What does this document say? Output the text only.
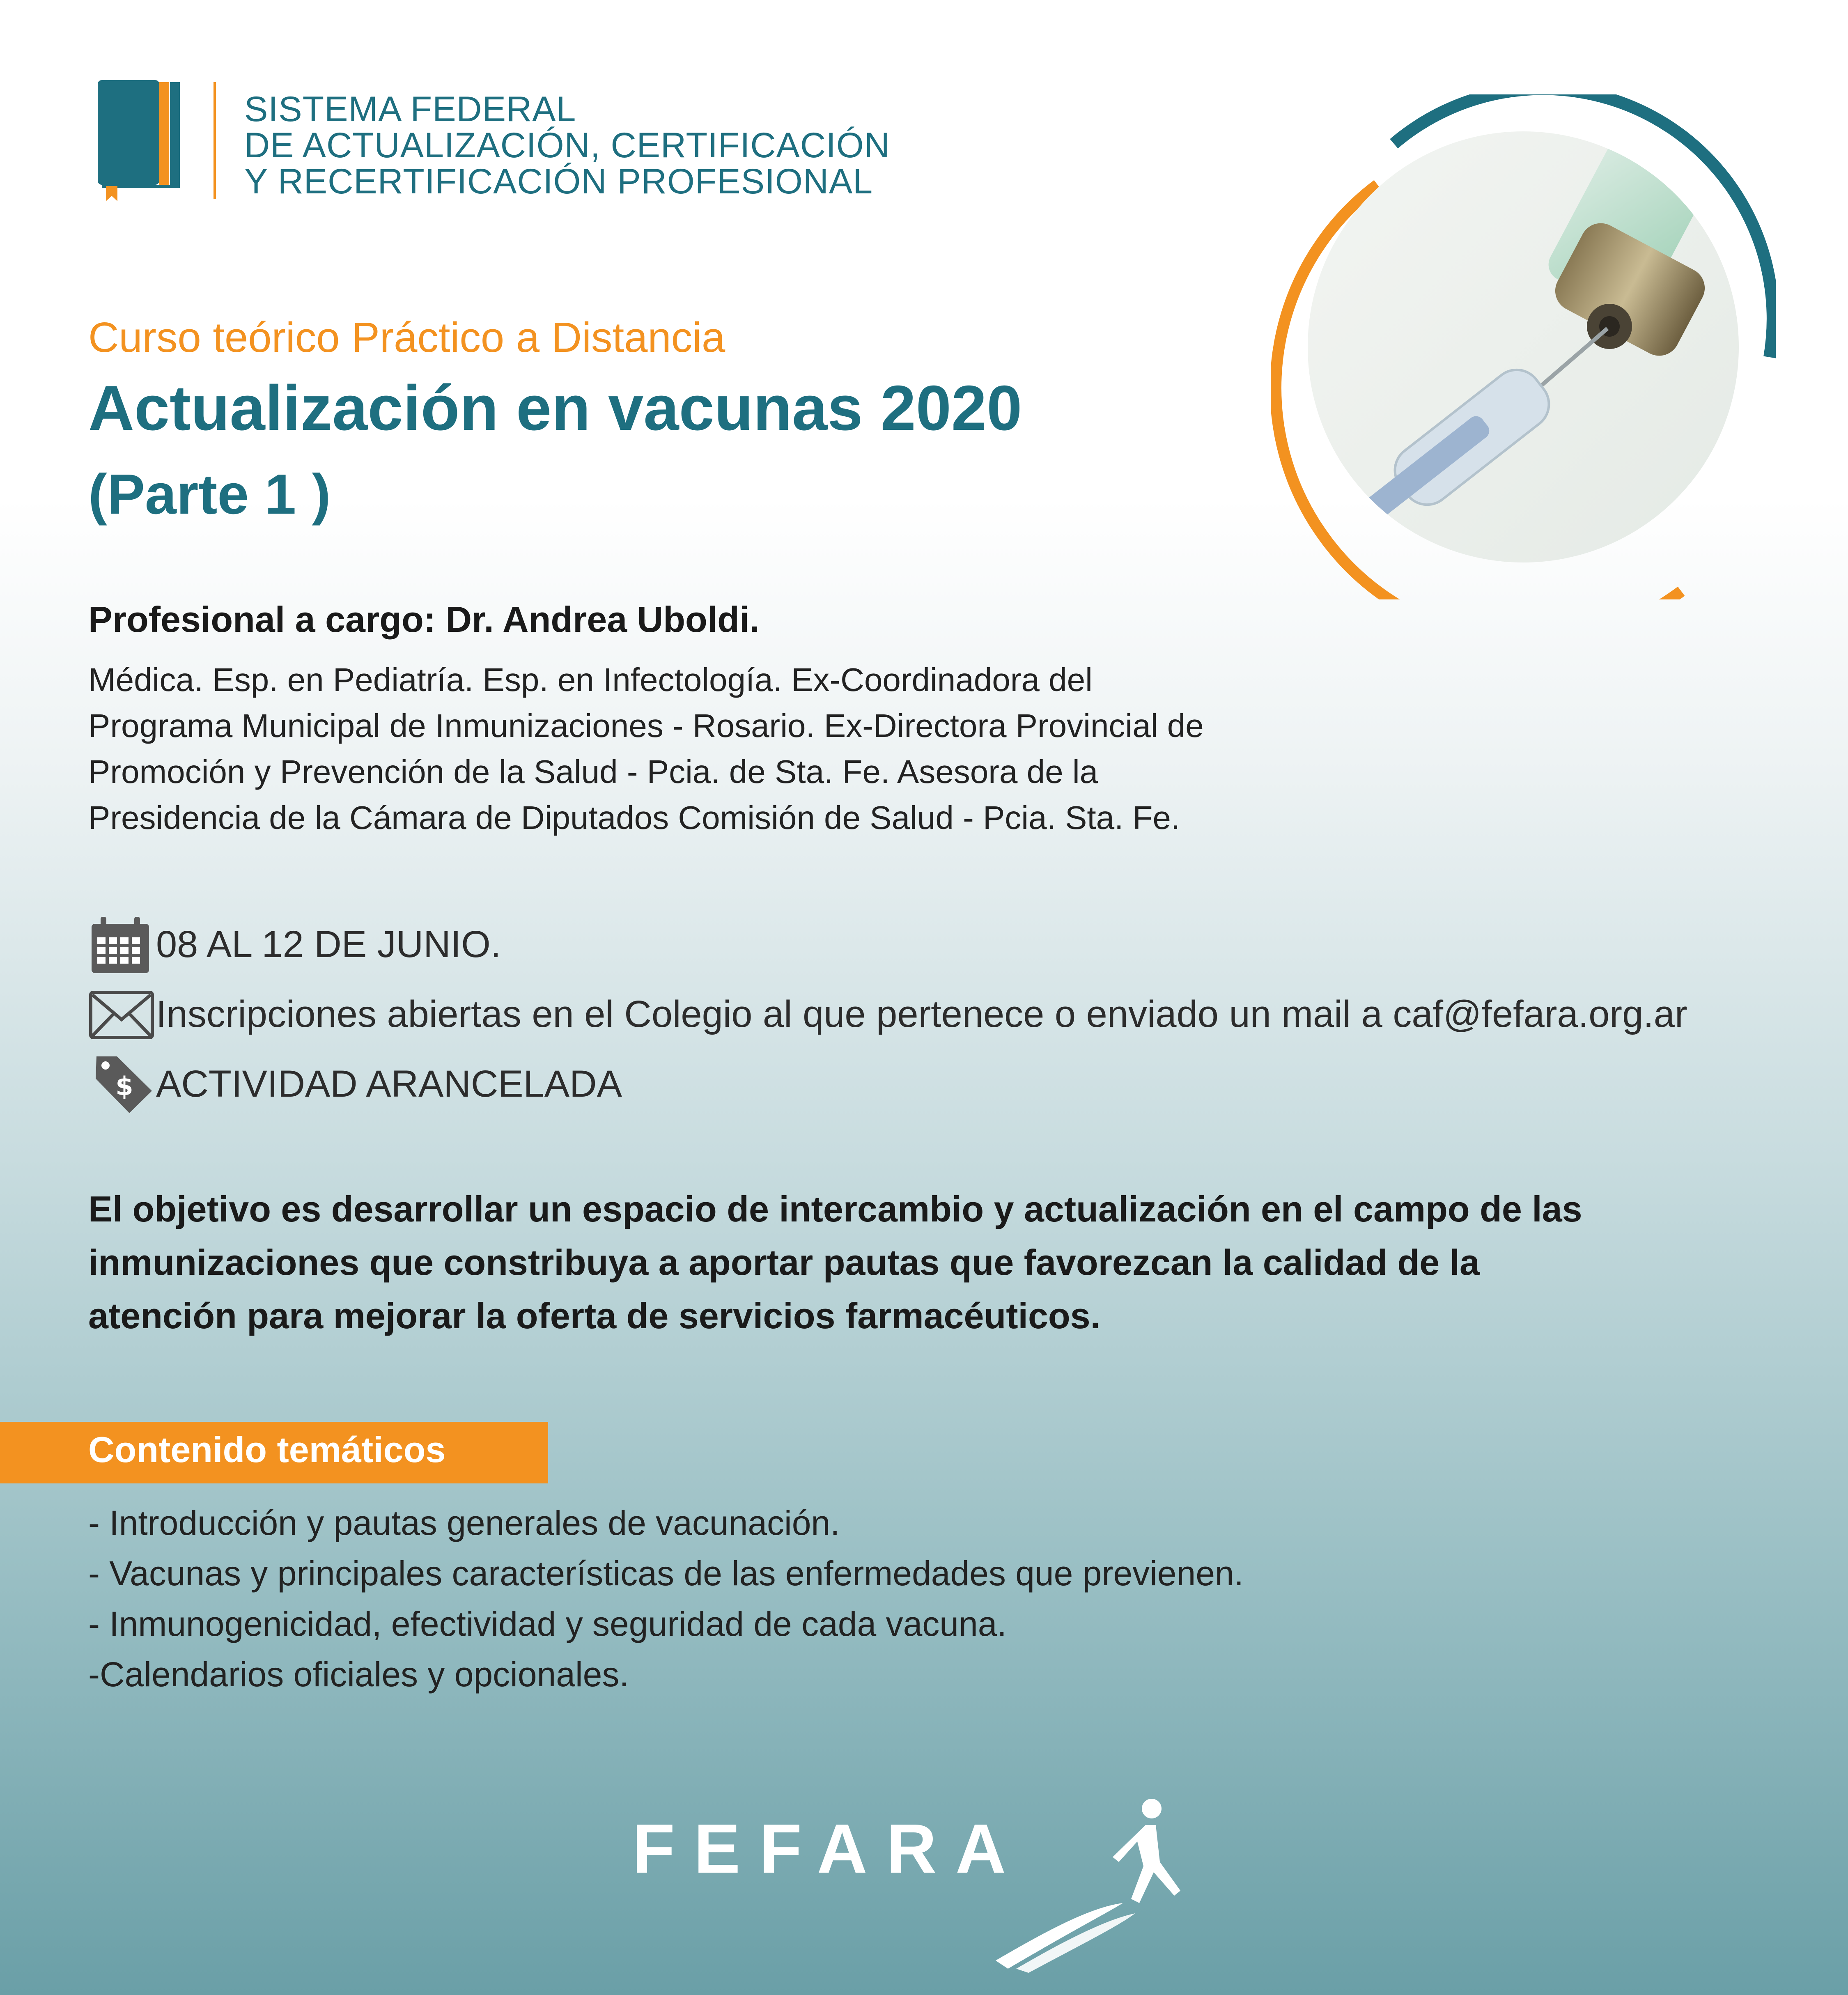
SISTEMA FEDERAL
DE ACTUALIZACIÓN, CERTIFICACIÓN
Y RECERTIFICACIÓN PROFESIONAL
Curso teórico Práctico a Distancia
Actualización en vacunas 2020
(Parte 1 )
Profesional a cargo: Dr. Andrea Uboldi.
Médica. Esp. en Pediatría. Esp. en Infectología. Ex-Coordinadora del
Programa Municipal de Inmunizaciones - Rosario. Ex-Directora Provincial de
Promoción y Prevención de la Salud - Pcia. de Sta. Fe. Asesora de la
Presidencia de la Cámara de Diputados Comisión de Salud - Pcia. Sta. Fe.
08 AL 12 DE JUNIO.
Inscripciones abiertas en el Colegio al que pertenece o enviado un mail a caf@fefara.org.ar
$ ACTIVIDAD ARANCELADA
El objetivo es desarrollar un espacio de intercambio y actualización en el campo de las
inmunizaciones que constribuya a aportar pautas que favorezcan la calidad de la
atención para mejorar la oferta de servicios farmacéuticos.
Contenido temáticos
- Introducción y pautas generales de vacunación.
- Vacunas y principales características de las enfermedades que previenen.
- Inmunogenicidad, efectividad y seguridad de cada vacuna.
-Calendarios oficiales y opcionales.
FEFARA
